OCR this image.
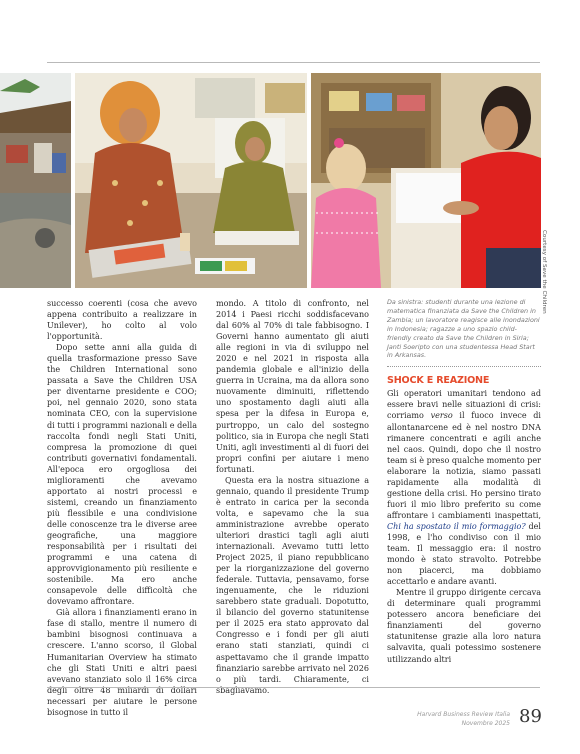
Courtesy of Save the Children

successo coerenti (cosa che avevo appena contribuito a realizzare in Unilever), ho colto al volo l'opportunità.

Dopo sette anni alla guida di quella trasformazione presso Save the Children International sono passata a Save the Children USA per diventarne presidente e COO; poi, nel gennaio 2020, sono stata nominata CEO, con la supervisione di tutti i programmi nazionali e della raccolta fondi negli Stati Uniti, compresa la promozione di quei contributi governativi fondamentali. All'epoca ero orgogliosa dei miglioramenti che avevamo apportato ai nostri processi e sistemi, creando un finanziamento più flessibile e una condivisione delle conoscenze tra le diverse aree geografiche, una maggiore responsabilità per i risultati dei programmi e una catena di approvvigionamento più resiliente e sostenibile. Ma ero anche consapevole delle difficoltà che dovevamo affrontare.

Già allora i finanziamenti erano in fase di stallo, mentre il numero di bambini bisognosi continuava a crescere. L'anno scorso, il Global Humanitarian Overview ha stimato che gli Stati Uniti e altri paesi avevano stanziato solo il 16% circa degli oltre 48 miliardi di dollari necessari per aiutare le persone bisognose in tutto il

mondo. A titolo di confronto, nel 2014 i Paesi ricchi soddisfacevano dal 60% al 70% di tale fabbisogno. I Governi hanno aumentato gli aiuti alle regioni in via di sviluppo nel 2020 e nel 2021 in risposta alla pandemia globale e all'inizio della guerra in Ucraina, ma da allora sono nuovamente diminuiti, riflettendo uno spostamento dagli aiuti alla spesa per la difesa in Europa e, purtroppo, un calo del sostegno politico, sia in Europa che negli Stati Uniti, agli investimenti al di fuori dei propri confini per aiutare i meno fortunati.

Questa era la nostra situazione a gennaio, quando il presidente Trump è entrato in carica per la seconda volta, e sapevamo che la sua amministrazione avrebbe operato ulteriori drastici tagli agli aiuti internazionali. Avevamo tutti letto Project 2025, il piano repubblicano per la riorganizzazione del governo federale. Tuttavia, pensavamo, forse ingenuamente, che le riduzioni sarebbero state graduali. Dopotutto, il bilancio del governo statunitense per il 2025 era stato approvato dal Congresso e i fondi per gli aiuti erano stati stanziati, quindi ci aspettavamo che il grande impatto finanziario sarebbe arrivato nel 2026 o più tardi. Chiaramente, ci sbagliavamo.

Da sinistra: studenti durante una lezione di matematica finanziata da Save the Children in Zambia; un lavoratore reagisce alle inondazioni in Indonesia; ragazze a uno spazio child-friendly creato da Save the Children in Siria; Janti Soeripto con una studentessa Head Start in Arkansas.

SHOCK E REAZIONE

Gli operatori umanitari tendono ad essere bravi nelle situazioni di crisi: corriamo verso il fuoco invece di allontanarcene ed è nel nostro DNA rimanere concentrati e agili anche nel caos. Quindi, dopo che il nostro team si è preso qualche momento per elaborare la notizia, siamo passati rapidamente alla modalità di gestione della crisi. Ho persino tirato fuori il mio libro preferito su come affrontare i cambiamenti inaspettati, Chi ha spostato il mio formaggio? del 1998, e l'ho condiviso con il mio team. Il messaggio era: il nostro mondo è stato stravolto. Potrebbe non piacerci, ma dobbiamo accettarlo e andare avanti.

Mentre il gruppo dirigente cercava di determinare quali programmi potessero ancora beneficiare dei finanziamenti del governo statunitense grazie alla loro natura salvavita, quali potessimo sostenere utilizzando altri

Harvard Business Review Italia
Novembre 2025 89
